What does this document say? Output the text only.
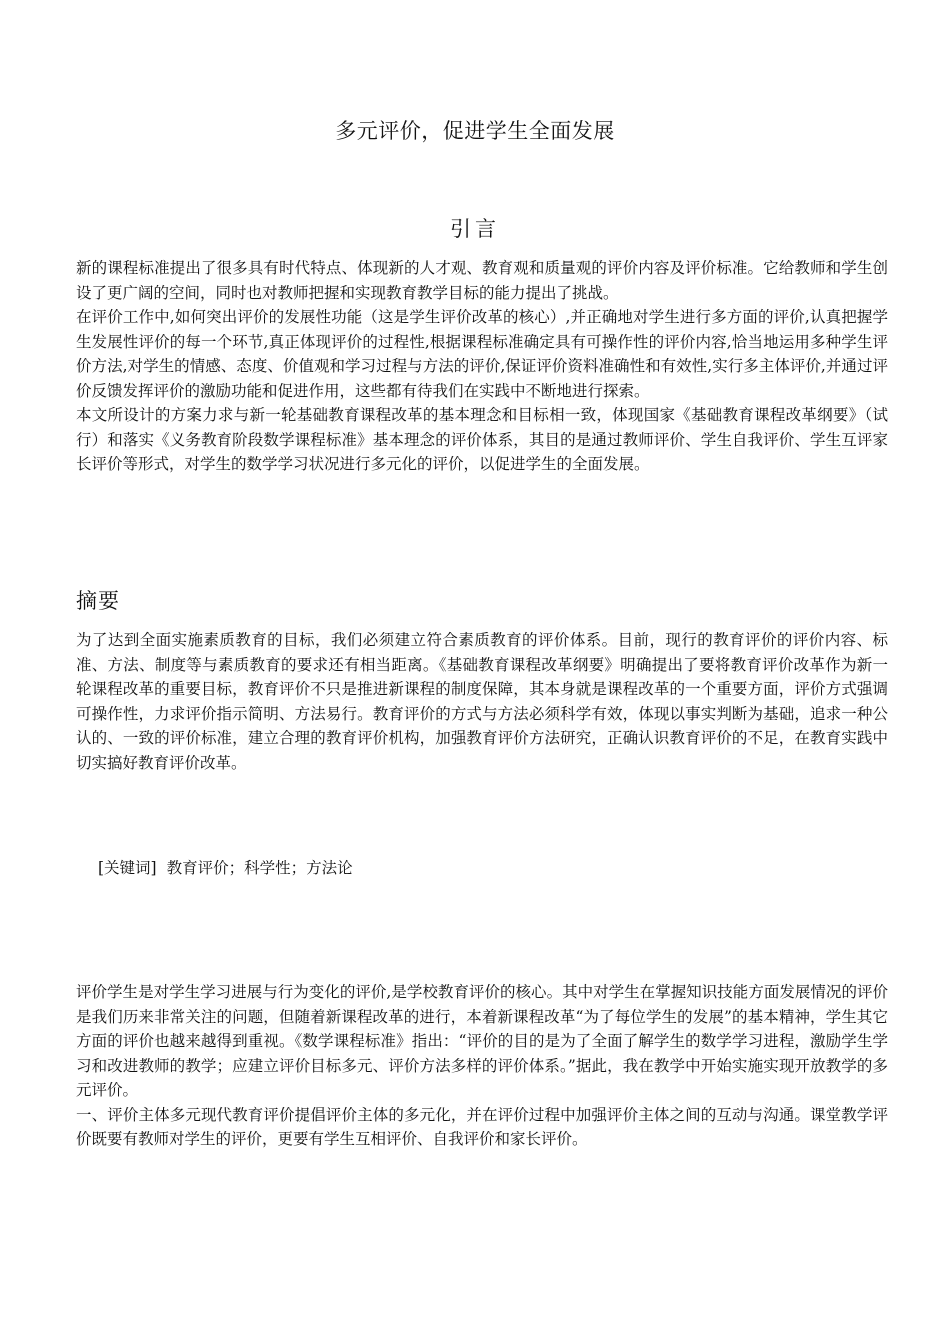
多元评价，促进学生全面发展
引言

新的课程标准提出了很多具有时代特点、体现新的人才观、教育观和质量观的评价内容及评价标准。它给教师和学生创设了更广阔的空间，同时也对教师把握和实现教育教学目标的能力提出了挑战。

在评价工作中,如何突出评价的发展性功能（这是学生评价改革的核心）,并正确地对学生进行多方面的评价,认真把握学生发展性评价的每一个环节,真正体现评价的过程性,根据课程标准确定具有可操作性的评价内容,恰当地运用多种学生评价方法,对学生的情感、态度、价值观和学习过程与方法的评价,保证评价资料准确性和有效性,实行多主体评价,并通过评价反馈发挥评价的激励功能和促进作用，这些都有待我们在实践中不断地进行探索。

本文所设计的方案力求与新一轮基础教育课程改革的基本理念和目标相一致，体现国家《基础教育课程改革纲要》（试行）和落实《义务教育阶段数学课程标准》基本理念的评价体系，其目的是通过教师评价、学生自我评价、学生互评家长评价等形式，对学生的数学学习状况进行多元化的评价，以促进学生的全面发展。

摘要

为了达到全面实施素质教育的目标，我们必须建立符合素质教育的评价体系。目前，现行的教育评价的评价内容、标准、方法、制度等与素质教育的要求还有相当距离。《基础教育课程改革纲要》明确提出了要将教育评价改革作为新一轮课程改革的重要目标，教育评价不只是推进新课程的制度保障，其本身就是课程改革的一个重要方面，评价方式强调可操作性，力求评价指示简明、方法易行。教育评价的方式与方法必须科学有效，体现以事实判断为基础，追求一种公认的、一致的评价标准，建立合理的教育评价机构，加强教育评价方法研究，正确认识教育评价的不足，在教育实践中切实搞好教育评价改革。

[关键词] 教育评价；科学性；方法论

评价学生是对学生学习进展与行为变化的评价,是学校教育评价的核心。其中对学生在掌握知识技能方面发展情况的评价是我们历来非常关注的问题，但随着新课程改革的进行，本着新课程改革“为了每位学生的发展”的基本精神，学生其它方面的评价也越来越得到重视。《数学课程标准》指出：“评价的目的是为了全面了解学生的数学学习进程，激励学生学习和改进教师的教学；应建立评价目标多元、评价方法多样的评价体系。”据此，我在教学中开始实施实现开放教学的多元评价。

一、评价主体多元现代教育评价提倡评价主体的多元化，并在评价过程中加强评价主体之间的互动与沟通。课堂教学评价既要有教师对学生的评价，更要有学生互相评价、自我评价和家长评价。
